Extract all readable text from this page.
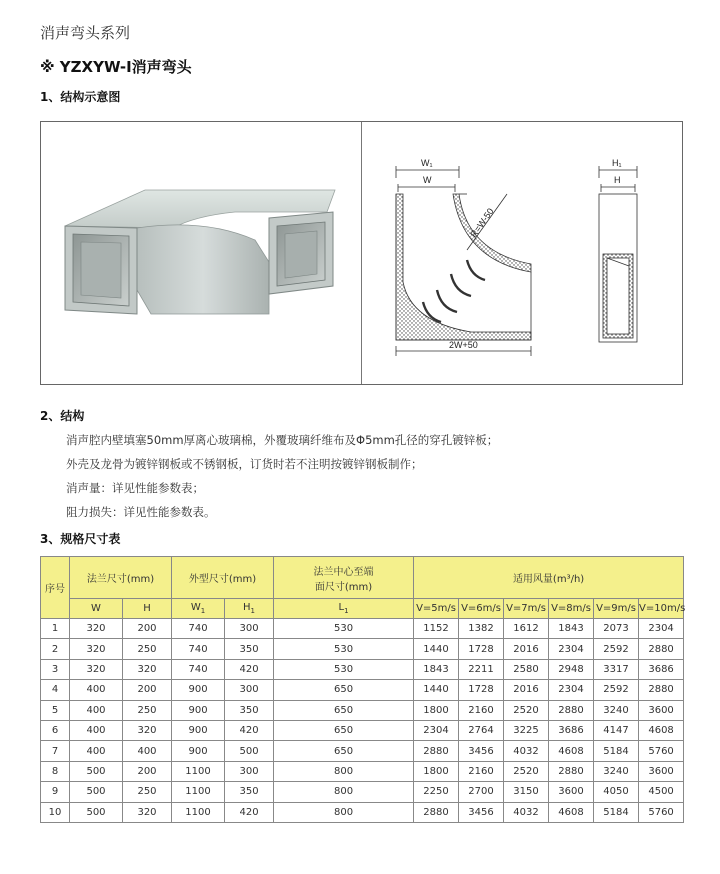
消声弯头系列
※ YZXYW-Ⅰ消声弯头
1、结构示意图
W₁
W
R=W-50
2W+50
H₁
H
2、结构
消声腔内壁填塞50mm厚离心玻璃棉，外覆玻璃纤维布及Φ5mm孔径的穿孔镀锌板；
外壳及龙骨为镀锌钢板或不锈钢板，订货时若不注明按镀锌钢板制作；
消声量：详见性能参数表；
阻力损失：详见性能参数表。
3、规格尺寸表
序号	法兰尺寸(mm)		外型尺寸(mm)		法兰中心至端
面尺寸(mm)	适用风量(m³/h)					
	W	H	$W_1$	$H_1$	$L_1$	V=5m/s	V=6m/s	V=7m/s	V=8m/s	V=9m/s	V=10m/s
1	320	200	740	300	530	1152	1382	1612	1843	2073	2304
2	320	250	740	350	530	1440	1728	2016	2304	2592	2880
3	320	320	740	420	530	1843	2211	2580	2948	3317	3686
4	400	200	900	300	650	1440	1728	2016	2304	2592	2880
5	400	250	900	350	650	1800	2160	2520	2880	3240	3600
6	400	320	900	420	650	2304	2764	3225	3686	4147	4608
7	400	400	900	500	650	2880	3456	4032	4608	5184	5760
8	500	200	1100	300	800	1800	2160	2520	2880	3240	3600
9	500	250	1100	350	800	2250	2700	3150	3600	4050	4500
10	500	320	1100	420	800	2880	3456	4032	4608	5184	5760
